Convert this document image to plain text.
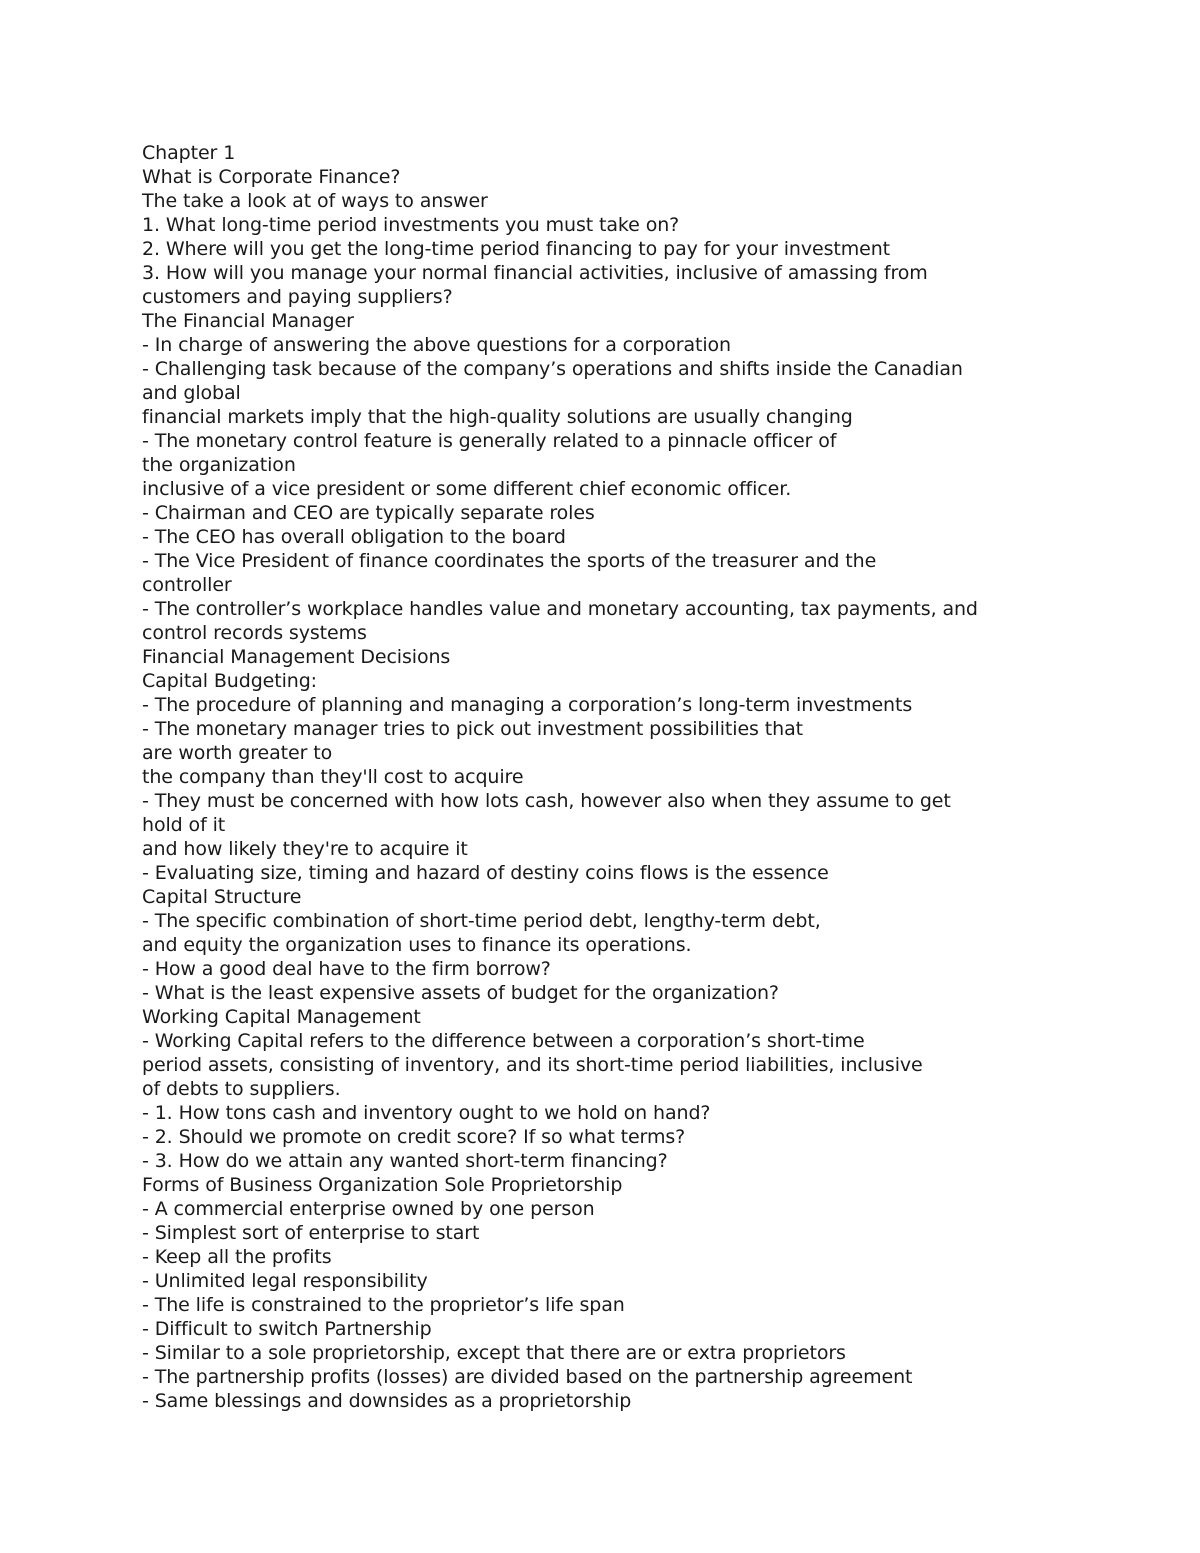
Chapter 1
What is Corporate Finance?
The take a look at of ways to answer
1. What long-time period investments you must take on?
2. Where will you get the long-time period financing to pay for your investment
3. How will you manage your normal financial activities, inclusive of amassing from
customers and paying suppliers?
The Financial Manager
- In charge of answering the above questions for a corporation
- Challenging task because of the company’s operations and shifts inside the Canadian
and global
financial markets imply that the high-quality solutions are usually changing
- The monetary control feature is generally related to a pinnacle officer of
the organization
inclusive of a vice president or some different chief economic officer.
- Chairman and CEO are typically separate roles
- The CEO has overall obligation to the board
- The Vice President of finance coordinates the sports of the treasurer and the
controller
- The controller’s workplace handles value and monetary accounting, tax payments, and
control records systems
Financial Management Decisions
Capital Budgeting:
- The procedure of planning and managing a corporation’s long-term investments
- The monetary manager tries to pick out investment possibilities that
are worth greater to
the company than they'll cost to acquire
- They must be concerned with how lots cash, however also when they assume to get
hold of it
and how likely they're to acquire it
- Evaluating size, timing and hazard of destiny coins flows is the essence
Capital Structure
- The specific combination of short-time period debt, lengthy-term debt,
and equity the organization uses to finance its operations.
- How a good deal have to the firm borrow?
- What is the least expensive assets of budget for the organization?
Working Capital Management
- Working Capital refers to the difference between a corporation’s short-time
period assets, consisting of inventory, and its short-time period liabilities, inclusive
of debts to suppliers.
- 1. How tons cash and inventory ought to we hold on hand?
- 2. Should we promote on credit score? If so what terms?
- 3. How do we attain any wanted short-term financing?
Forms of Business Organization Sole Proprietorship
- A commercial enterprise owned by one person
- Simplest sort of enterprise to start
- Keep all the profits
- Unlimited legal responsibility
- The life is constrained to the proprietor’s life span
- Difficult to switch Partnership
- Similar to a sole proprietorship, except that there are or extra proprietors
- The partnership profits (losses) are divided based on the partnership agreement
- Same blessings and downsides as a proprietorship
